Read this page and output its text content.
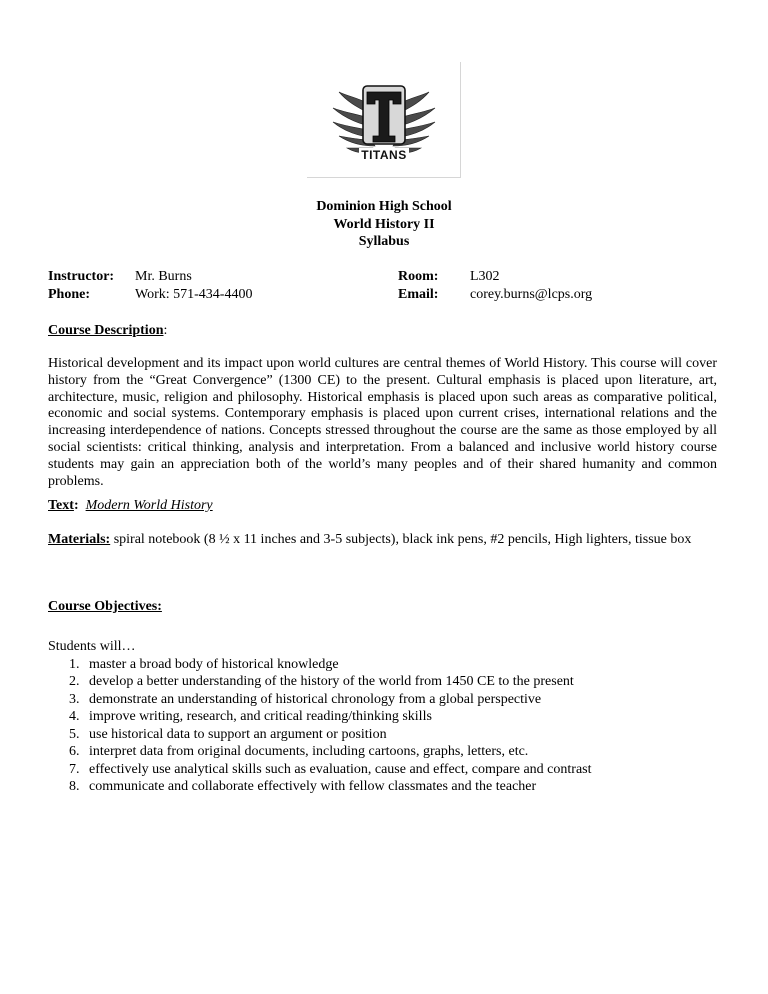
TITANS
Dominion High School
World History II
Syllabus
Instructor: Mr. Burns
Phone:	Work: 571-434-4400
Room: L302
Email: corey.burns@lcps.org
Course Description:
Historical development and its impact upon world cultures are central themes of World History. This course will cover history from the “Great Convergence” (1300 CE) to the present. Cultural emphasis is placed upon literature, art, architecture, music, religion and philosophy. Historical emphasis is placed upon such areas as comparative political, economic and social systems. Contemporary emphasis is placed upon current crises, international relations and the increasing interdependence of nations. Concepts stressed throughout the course are the same as those employed by all social scientists: critical thinking, analysis and interpretation. From a balanced and inclusive world history course students may gain an appreciation both of the world’s many peoples and of their shared humanity and common problems.
Text: Modern World History
Materials: spiral notebook (8 ½ x 11 inches and 3-5 subjects), black ink pens, #2 pencils, High lighters, tissue box
Course Objectives:
Students will…
1. master a broad body of historical knowledge
2. develop a better understanding of the history of the world from 1450 CE to the present
3. demonstrate an understanding of historical chronology from a global perspective
4. improve writing, research, and critical reading/thinking skills
5. use historical data to support an argument or position
6. interpret data from original documents, including cartoons, graphs, letters, etc.
7. effectively use analytical skills such as evaluation, cause and effect, compare and contrast
8. communicate and collaborate effectively with fellow classmates and the teacher
